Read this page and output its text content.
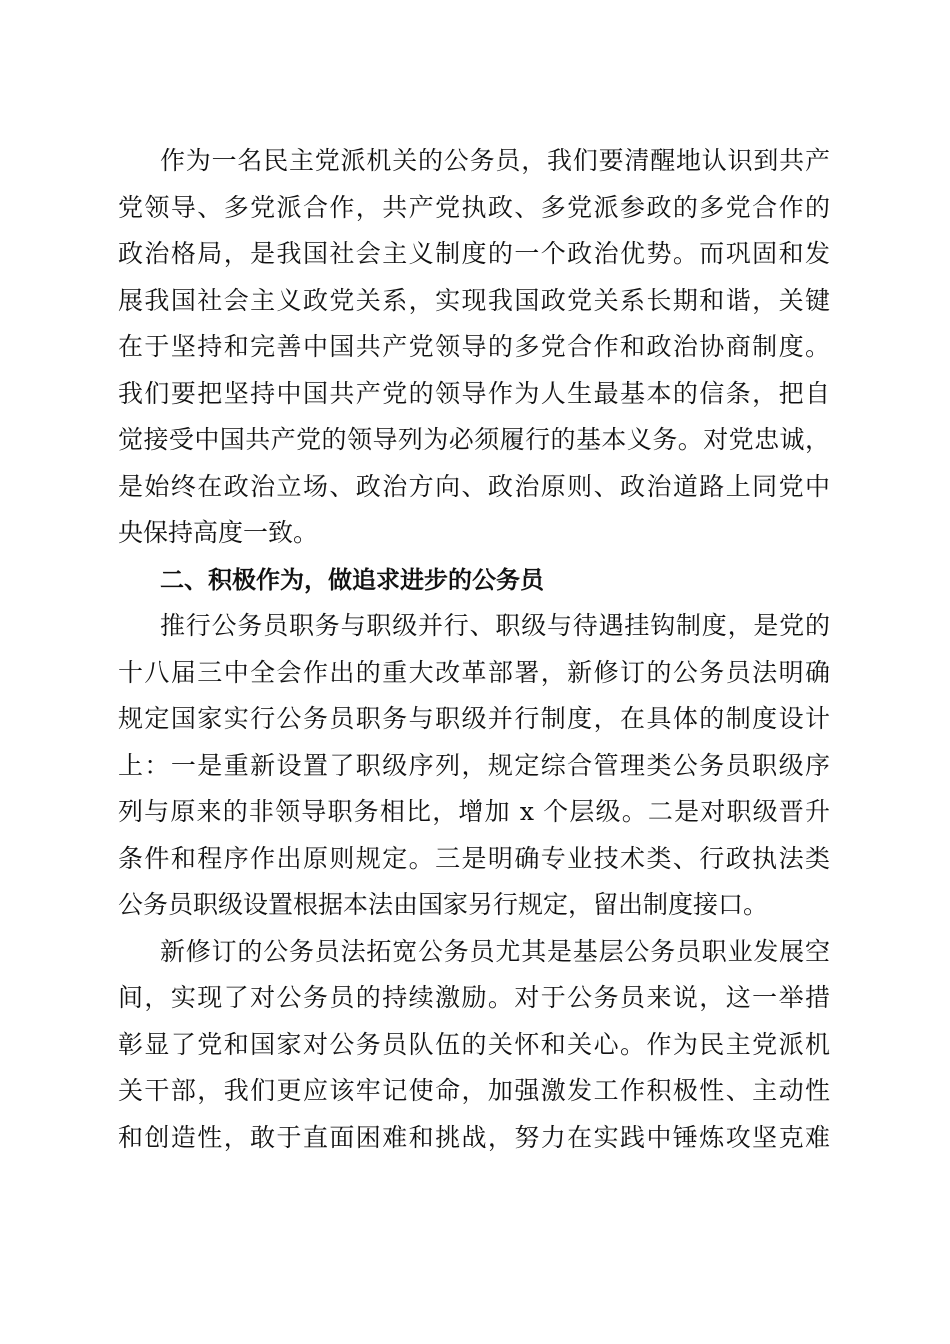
作为一名民主党派机关的公务员，我们要清醒地认识到共产
党领导、多党派合作，共产党执政、多党派参政的多党合作的
政治格局，是我国社会主义制度的一个政治优势。而巩固和发
展我国社会主义政党关系，实现我国政党关系长期和谐，关键
在于坚持和完善中国共产党领导的多党合作和政治协商制度。
我们要把坚持中国共产党的领导作为人生最基本的信条，把自
觉接受中国共产党的领导列为必须履行的基本义务。对党忠诚，
是始终在政治立场、政治方向、政治原则、政治道路上同党中
央保持高度一致。
二、积极作为，做追求进步的公务员
推行公务员职务与职级并行、职级与待遇挂钩制度，是党的
十八届三中全会作出的重大改革部署，新修订的公务员法明确
规定国家实行公务员职务与职级并行制度，在具体的制度设计
上：一是重新设置了职级序列，规定综合管理类公务员职级序
列与原来的非领导职务相比，增加 x 个层级。二是对职级晋升
条件和程序作出原则规定。三是明确专业技术类、行政执法类
公务员职级设置根据本法由国家另行规定，留出制度接口。
新修订的公务员法拓宽公务员尤其是基层公务员职业发展空
间，实现了对公务员的持续激励。对于公务员来说，这一举措
彰显了党和国家对公务员队伍的关怀和关心。作为民主党派机
关干部，我们更应该牢记使命，加强激发工作积极性、主动性
和创造性，敢于直面困难和挑战，努力在实践中锤炼攻坚克难
